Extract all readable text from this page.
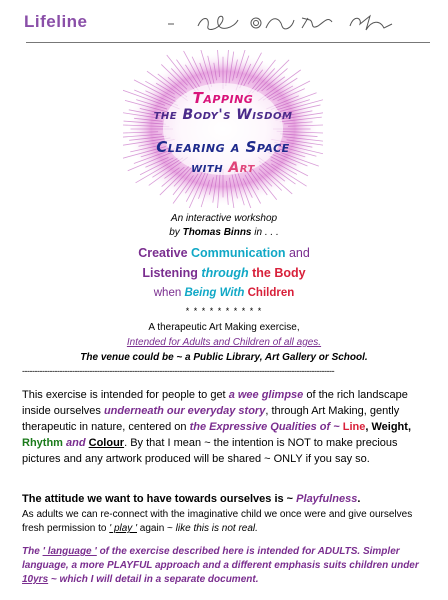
Lifeline
Tapping
the Body's Wisdom
Clearing a Space
with Art
An interactive workshop
by Thomas Binns in . . .
Creative Communication and
Listening through the Body
when Being With Children
* * * * * * * * * *
A therapeutic Art Making exercise,
Intended for Adults and Children of all ages.
The venue could be ~ a Public Library, Art Gallery or School.
-----------------------------------------------------------------------------------------------------------------------------
This exercise is intended for people to get a wee glimpse of the rich landscape inside ourselves underneath our everyday story, through Art Making, gently therapeutic in nature, centered on the Expressive Qualities of ~ Line, Weight, Rhythm and Colour. By that I mean ~ the intention is NOT to make precious pictures and any artwork produced will be shared ~ ONLY if you say so.
The attitude we want to have towards ourselves is ~ Playfulness.
As adults we can re-connect with the imaginative child we once were and give ourselves fresh permission to ' play ' again ~ like this is not real.
The ' language ' of the exercise described here is intended for ADULTS. Simpler language, a more PLAYFUL approach and a different emphasis suits children under 10yrs ~ which I will detail in a separate document.
